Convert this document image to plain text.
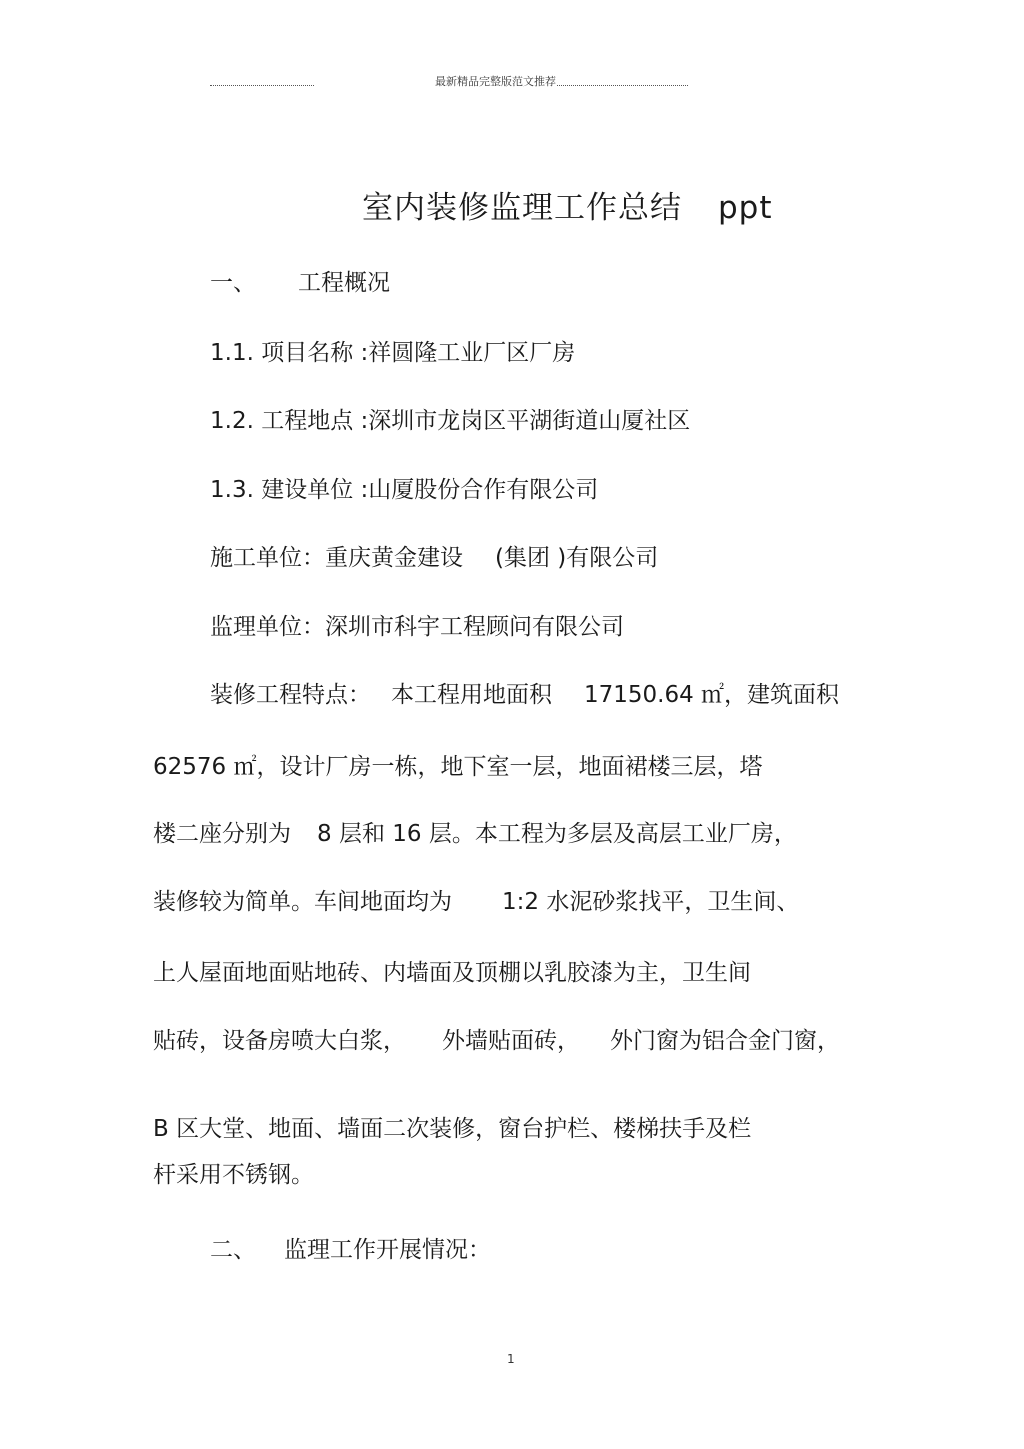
最新精品完整版范文推荐
室内装修监理工作总结 ppt
一、 工程概况
1.1. 项目名称 :祥圆隆工业厂区厂房
1.2. 工程地点 :深圳市龙岗区平湖街道山厦社区
1.3. 建设单位 :山厦股份合作有限公司
施工单位：重庆黄金建设 (集团 )有限公司
监理单位：深圳市科宇工程顾问有限公司
装修工程特点： 本工程用地面积 17150.64 ㎡，建筑面积
62576 ㎡，设计厂房一栋，地下室一层，地面裙楼三层，塔
楼二座分别为 8 层和 16 层。本工程为多层及高层工业厂房，
装修较为简单。车间地面均为 1:2 水泥砂浆找平，卫生间、
上人屋面地面贴地砖、内墙面及顶棚以乳胶漆为主，卫生间
贴砖，设备房喷大白浆， 外墙贴面砖， 外门窗为铝合金门窗，
B 区大堂、地面、墙面二次装修，窗台护栏、楼梯扶手及栏
杆采用不锈钢。
二、 监理工作开展情况：
1
